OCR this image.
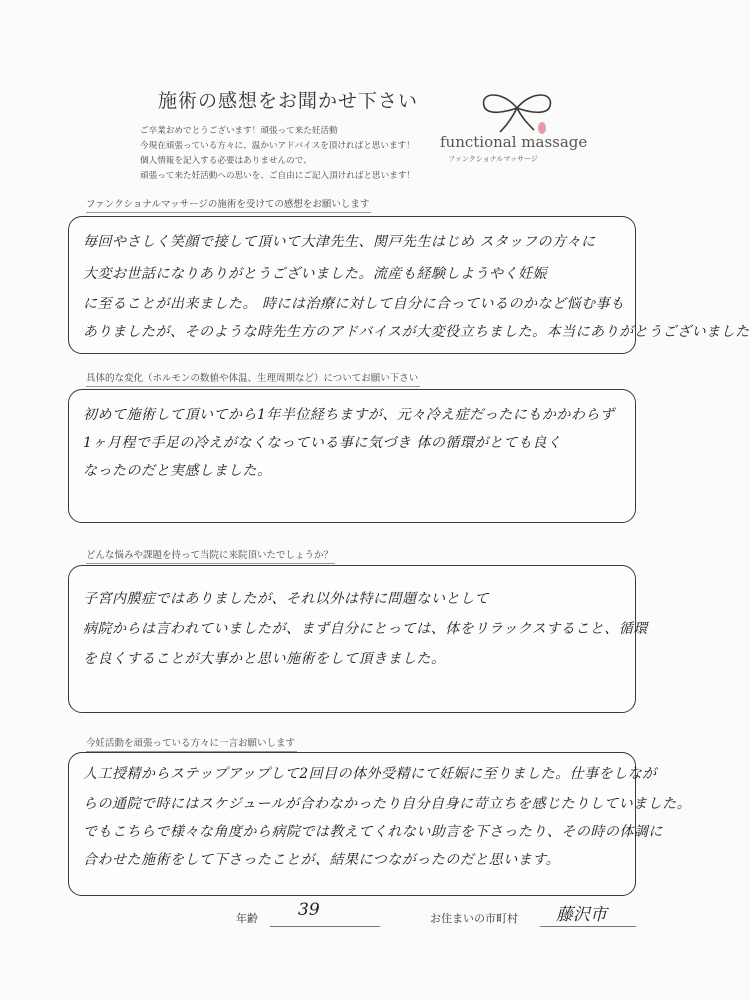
施術の感想をお聞かせ下さい
ご卒業おめでとうございます！頑張って来た妊活動
今現在頑張っている方々に、温かいアドバイスを頂ければと思います！
個人情報を記入する必要はありませんので、
頑張って来た妊活動への思いを、ご自由にご記入頂ければと思います！
functional massage
ファンクショナルマッサージ
ファンクショナルマッサージの施術を受けての感想をお願いします
毎回やさしく笑顔で接して頂いて大津先生、関戸先生はじめ スタッフの方々に
大変お世話になりありがとうございました。流産も経験しようやく妊娠
に至ることが出来ました。 時には治療に対して自分に合っているのかなど悩む事も
ありましたが、そのような時先生方のアドバイスが大変役立ちました。本当にありがとうございました
具体的な変化（ホルモンの数値や体温、生理周期など）についてお願い下さい
初めて施術して頂いてから1年半位経ちますが、元々冷え症だったにもかかわらず
1ヶ月程で手足の冷えがなくなっている事に気づき 体の循環がとても良く
なったのだと実感しました。
どんな悩みや課題を持って当院に来院頂いたでしょうか？
子宮内膜症ではありましたが、それ以外は特に問題ないとして
病院からは言われていましたが、まず自分にとっては、体をリラックスすること、循環
を良くすることが大事かと思い施術をして頂きました。
今妊活動を頑張っている方々に一言お願いします
人工授精からステップアップして2回目の体外受精にて妊娠に至りました。仕事をしなが
らの通院で時にはスケジュールが合わなかったり自分自身に苛立ちを感じたりしていました。
でもこちらで様々な角度から病院では教えてくれない助言を下さったり、その時の体調に
合わせた施術をして下さったことが、結果につながったのだと思います。
年齢 39	お住まいの市町村 藤沢市
